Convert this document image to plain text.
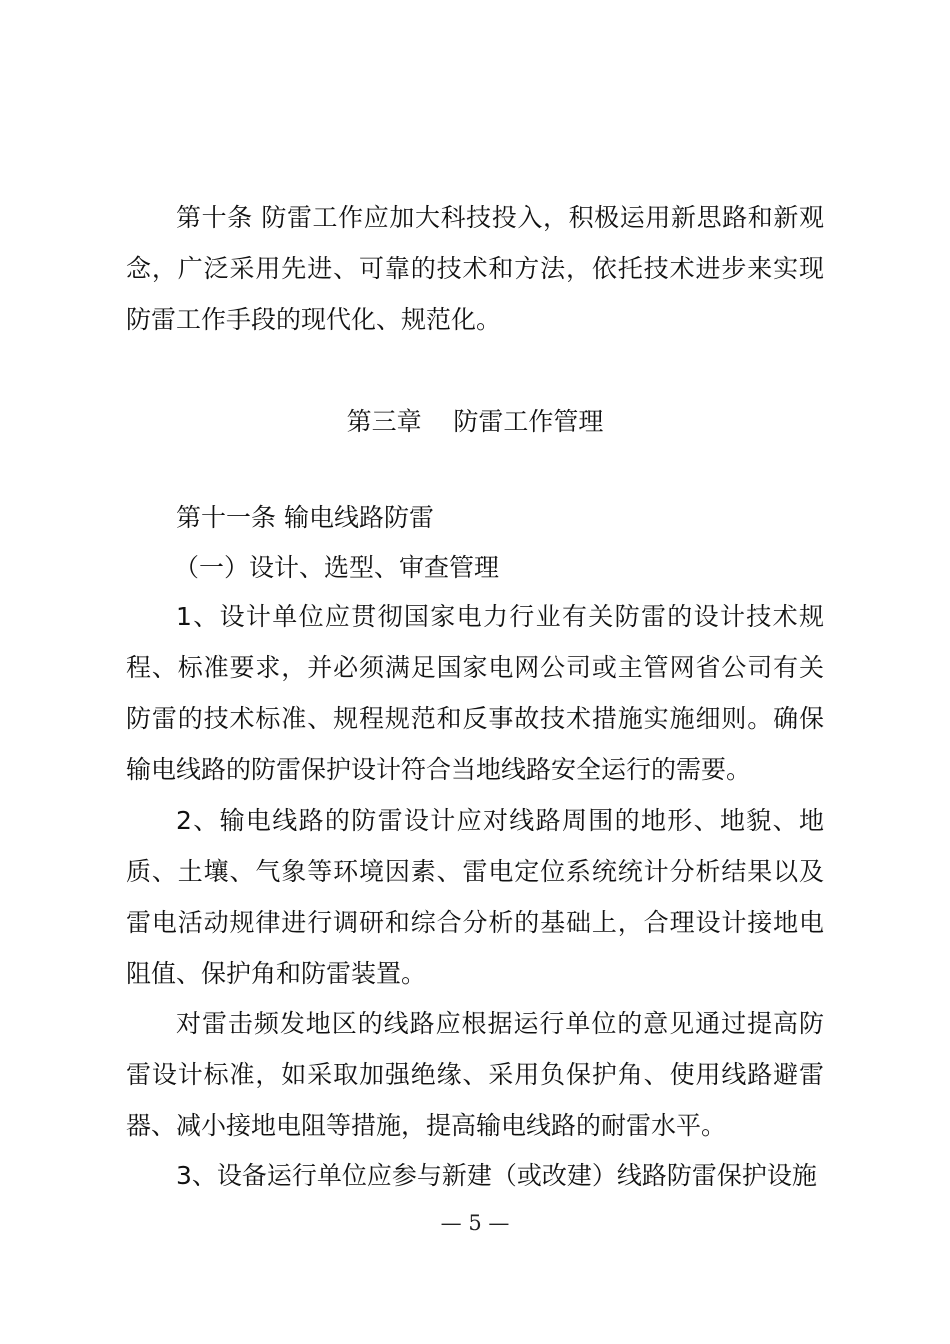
第十条 防雷工作应加大科技投入，积极运用新思路和新观念，广泛采用先进、可靠的技术和方法，依托技术进步来实现防雷工作手段的现代化、规范化。

第三章    防雷工作管理

第十一条 输电线路防雷

（一）设计、选型、审查管理

1、设计单位应贯彻国家电力行业有关防雷的设计技术规程、标准要求，并必须满足国家电网公司或主管网省公司有关防雷的技术标准、规程规范和反事故技术措施实施细则。确保输电线路的防雷保护设计符合当地线路安全运行的需要。

2、输电线路的防雷设计应对线路周围的地形、地貌、地质、土壤、气象等环境因素、雷电定位系统统计分析结果以及雷电活动规律进行调研和综合分析的基础上，合理设计接地电阻值、保护角和防雷装置。

对雷击频发地区的线路应根据运行单位的意见通过提高防雷设计标准，如采取加强绝缘、采用负保护角、使用线路避雷器、减小接地电阻等措施，提高输电线路的耐雷水平。

3、设备运行单位应参与新建（或改建）线路防雷保护设施

— 5 —
